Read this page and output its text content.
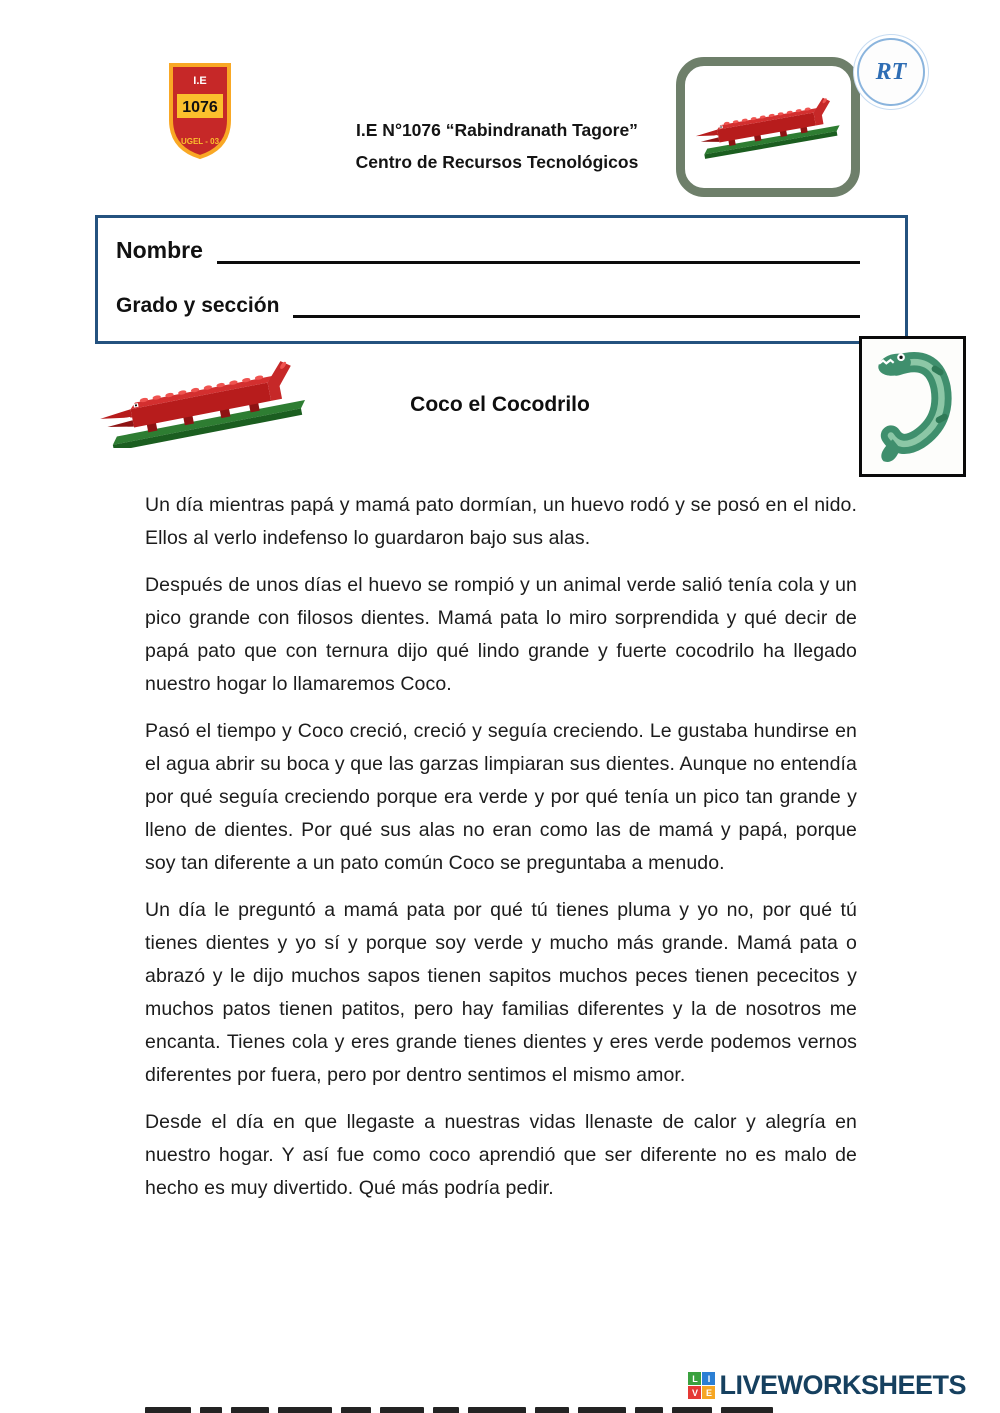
I.E
1076
UGEL - 03
I.E N°1076 “Rabindranath Tagore”
Centro de Recursos Tecnológicos
RT
Nombre
Grado y sección
Coco el Cocodrilo

Un día mientras papá y mamá pato dormían, un huevo rodó y se posó en el nido. Ellos al verlo indefenso lo guardaron bajo sus alas.

Después de unos días el huevo se rompió y un animal verde salió tenía cola y un pico grande con filosos dientes. Mamá pata lo miro sorprendida y qué decir de papá pato que con ternura dijo qué lindo grande y fuerte cocodrilo ha llegado nuestro hogar lo llamaremos Coco.

Pasó el tiempo y Coco creció, creció y seguía creciendo. Le gustaba hundirse en el agua abrir su boca y que las garzas limpiaran sus dientes. Aunque no entendía por qué seguía creciendo porque era verde y por qué tenía un pico tan grande y lleno de dientes. Por qué sus alas no eran como las de mamá y papá, porque soy tan diferente a un pato común Coco se preguntaba a menudo.

Un día le preguntó a mamá pata por qué tú tienes pluma y yo no, por qué tú tienes dientes y yo sí y porque soy verde y mucho más grande. Mamá pata o abrazó y le dijo muchos sapos tienen sapitos muchos peces tienen pececitos y muchos patos tienen patitos, pero hay familias diferentes y la de nosotros me encanta. Tienes cola y eres grande tienes dientes y eres verde podemos vernos diferentes por fuera, pero por dentro sentimos el mismo amor.

Desde el día en que llegaste a nuestras vidas llenaste de calor y alegría en nuestro hogar. Y así fue como coco aprendió que ser diferente no es malo de hecho es muy divertido. Qué más podría pedir.

L	I
V E LIVEWORKSHEETS
